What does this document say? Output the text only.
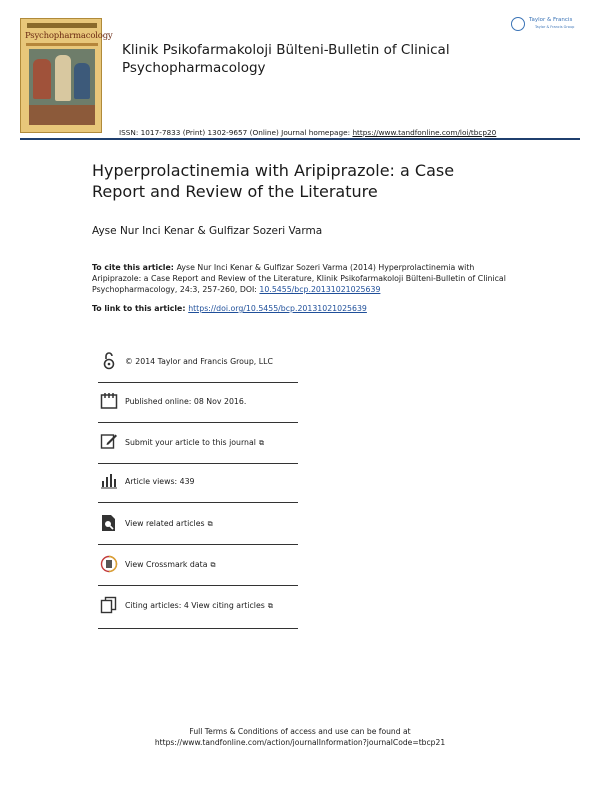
Psychopharmacology
Klinik Psikofarmakoloji Bülteni-Bulletin of Clinical Psychopharmacology
Taylor & Francis
Taylor & Francis Group
ISSN: 1017-7833 (Print) 1302-9657 (Online) Journal homepage: https://www.tandfonline.com/loi/tbcp20
Hyperprolactinemia with Aripiprazole: a Case Report and Review of the Literature
Ayse Nur Inci Kenar & Gulfizar Sozeri Varma
To cite this article: Ayse Nur Inci Kenar & Gulfizar Sozeri Varma (2014) Hyperprolactinemia with Aripiprazole: a Case Report and Review of the Literature, Klinik Psikofarmakoloji Bülteni-Bulletin of Clinical Psychopharmacology, 24:3, 257-260, DOI: 10.5455/bcp.20131021025639
To link to this article: https://doi.org/10.5455/bcp.20131021025639
© 2014 Taylor and Francis Group, LLC
Published online: 08 Nov 2016.
Submit your article to this journal ⧉
Article views: 439
View related articles ⧉
View Crossmark data ⧉
Citing articles: 4 View citing articles ⧉
Full Terms & Conditions of access and use can be found at
https://www.tandfonline.com/action/journalInformation?journalCode=tbcp21
